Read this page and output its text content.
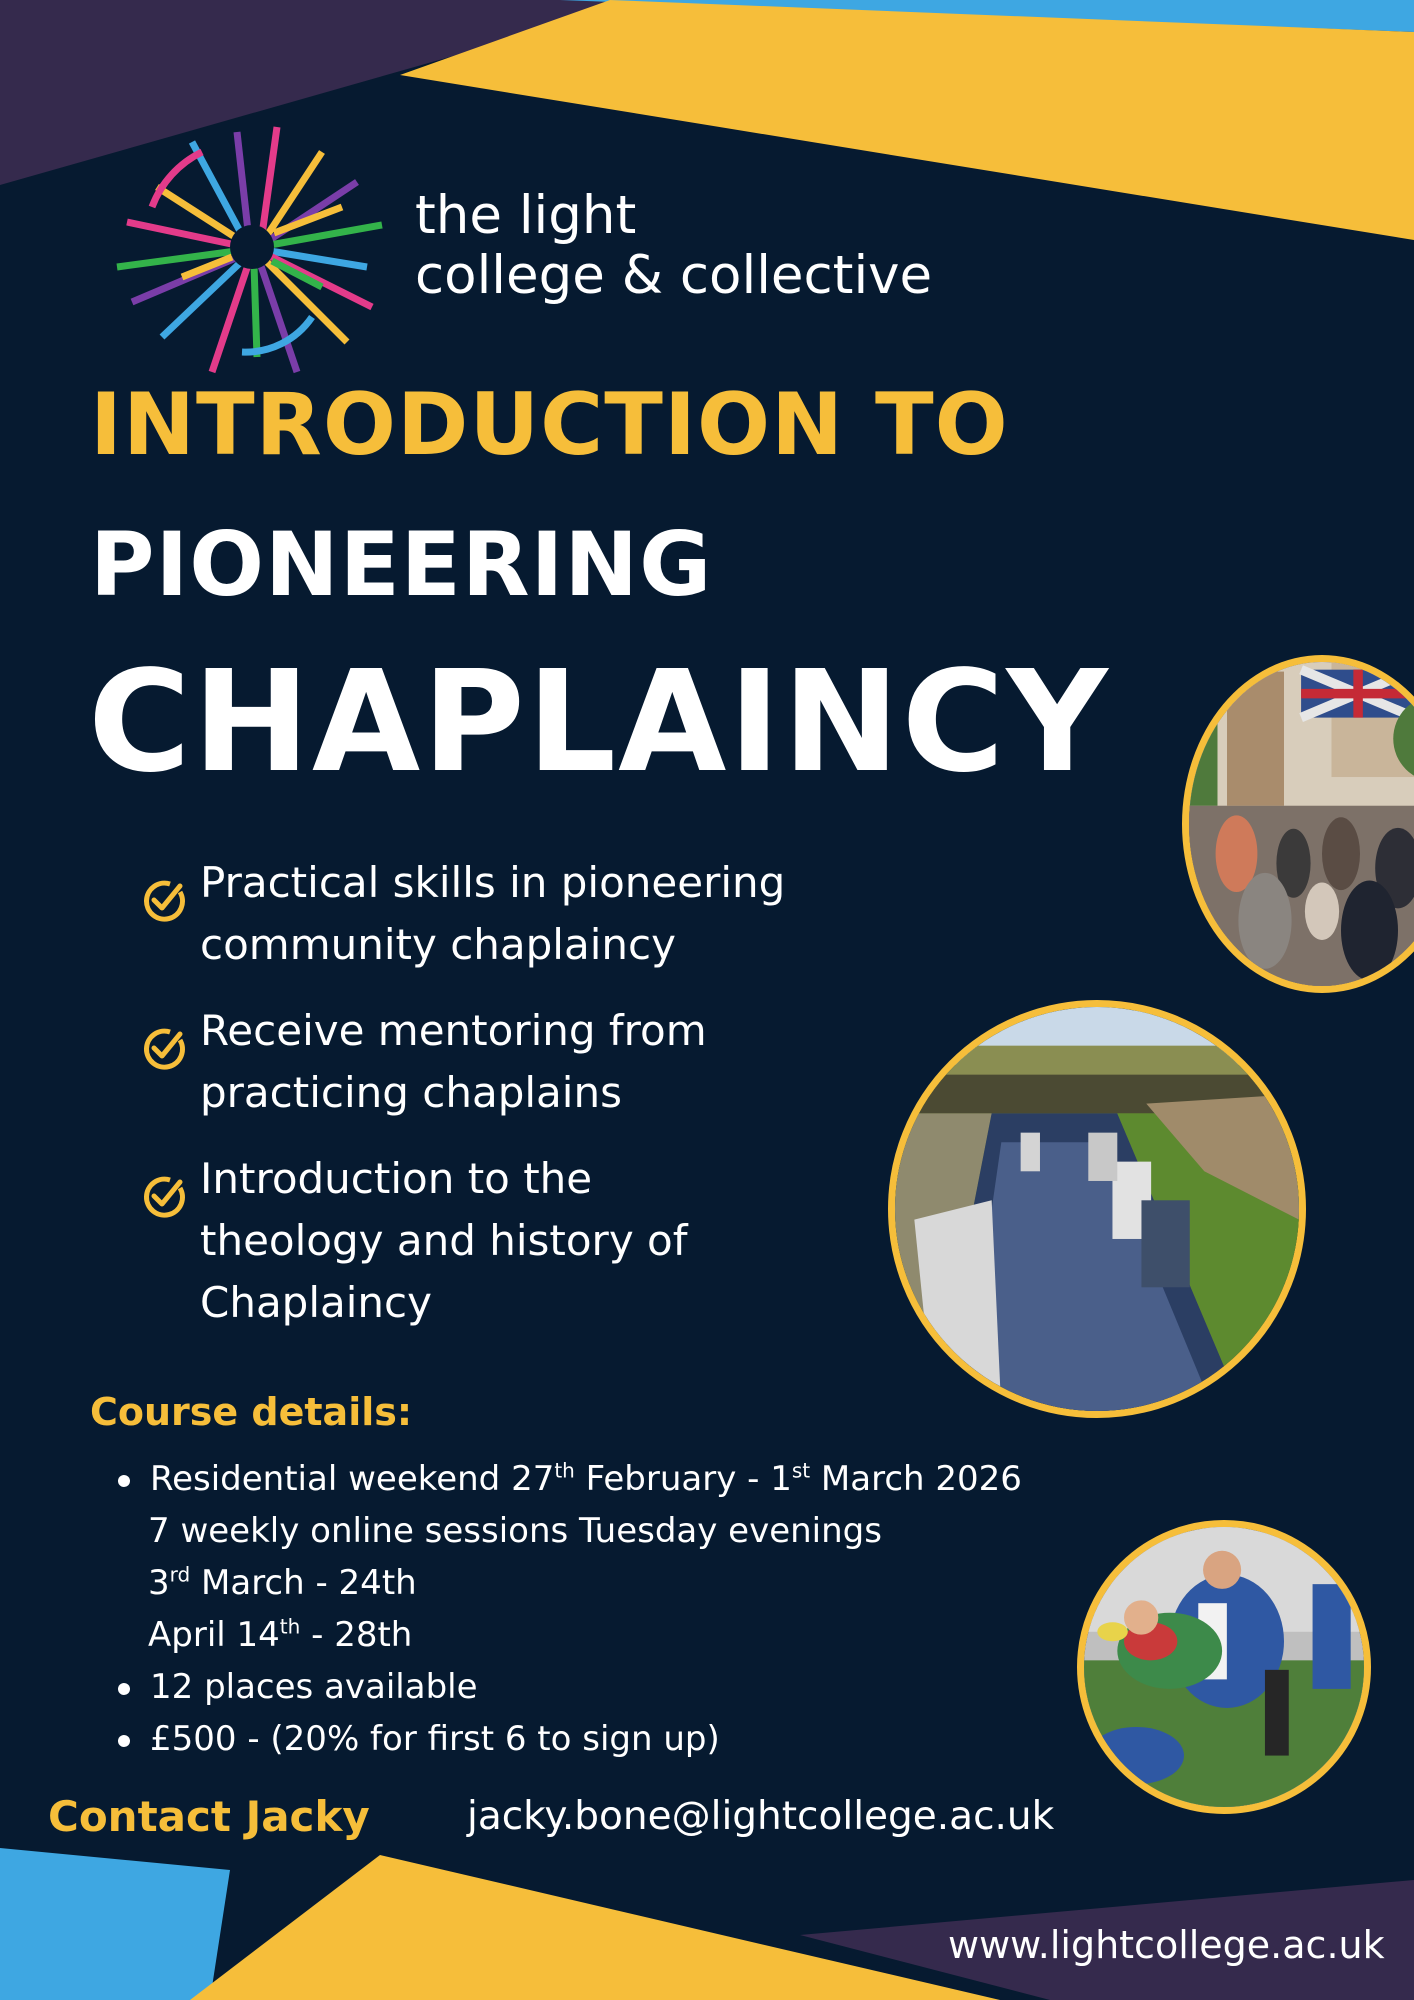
the light
college & collective
INTRODUCTION TO
PIONEERING
CHAPLAINCY
Practical skills in pioneering
community chaplaincy
Receive mentoring from
practicing chaplains
Introduction to the
theology and history of
Chaplaincy
Course details:
Residential weekend 27th February - 1st March 2026
7 weekly online sessions Tuesday evenings
3rd March - 24th
April 14th - 28th
12 places available
£500 - (20% for first 6 to sign up)
Contact Jacky jacky.bone@lightcollege.ac.uk
www.lightcollege.ac.uk
